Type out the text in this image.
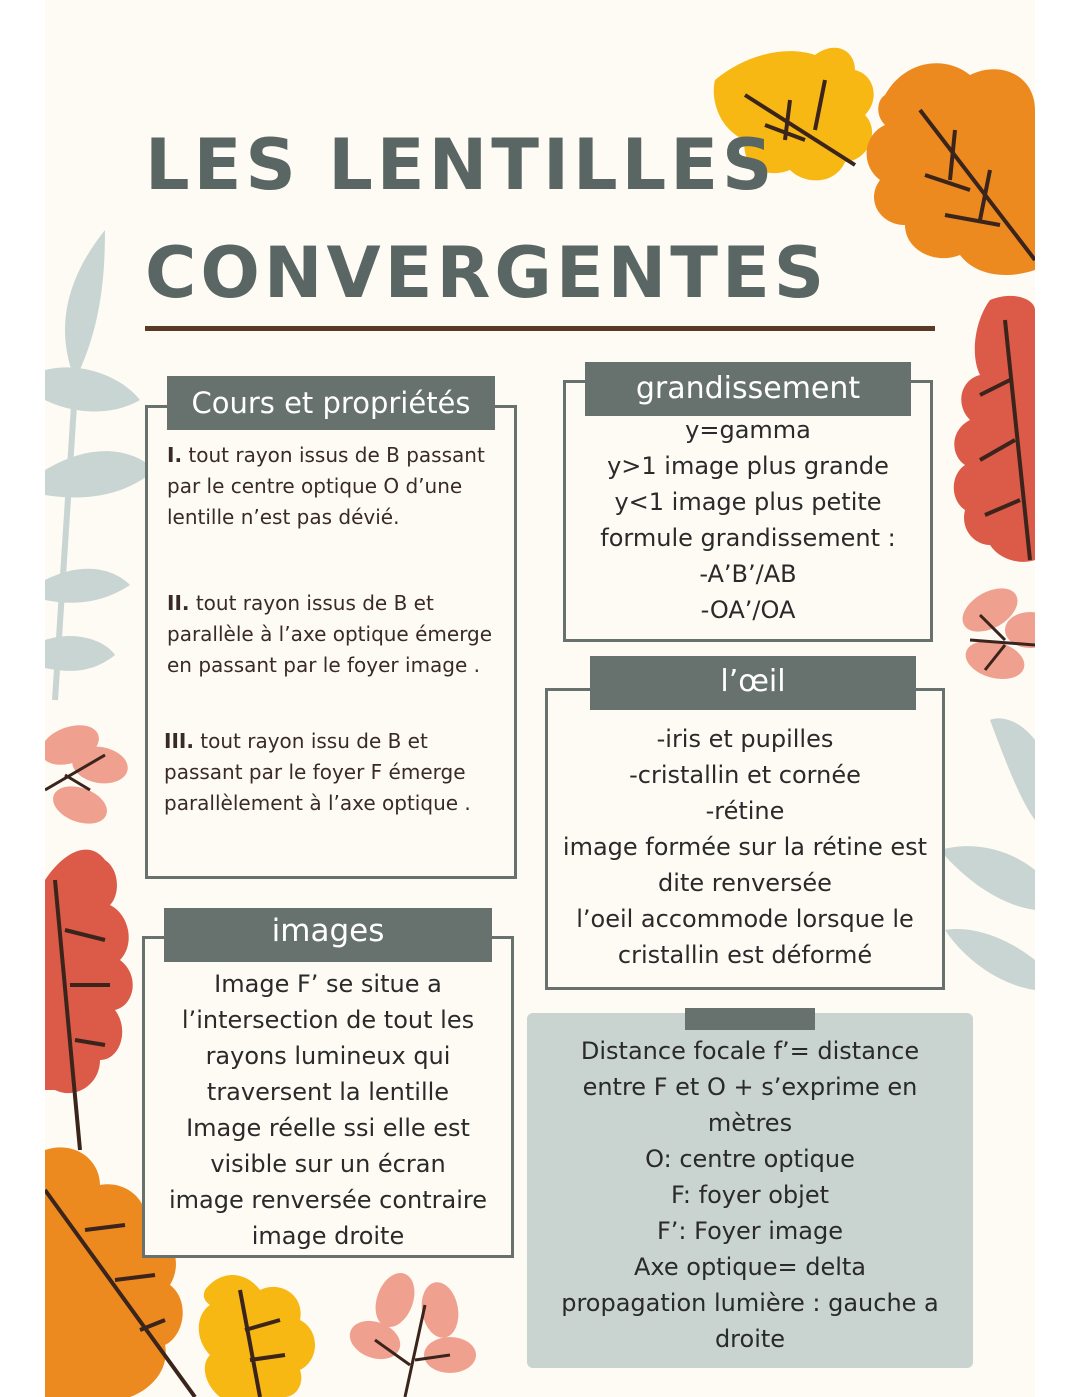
LES LENTILLES
CONVERGENTES
Cours et propriétés

I. tout rayon issus de B passant par le centre optique O d’une lentille n’est pas dévié.

II. tout rayon issus de B et parallèle à l’axe optique émerge en passant par le foyer image .

III. tout rayon issu de B et passant par le foyer F émerge parallèlement à l’axe optique .

grandissement
y=gamma
y>1 image plus grande
y<1 image plus petite
formule grandissement :
-A’B’/AB
-OA’/OA
l’œil
-iris et pupilles
-cristallin et cornée
-rétine
image formée sur la rétine est
dite renversée
l’oeil accommode lorsque le
cristallin est déformé
images
Image F’ se situe a
l’intersection de tout les
rayons lumineux qui
traversent la lentille
Image réelle ssi elle est
visible sur un écran
image renversée contraire
image droite
Distance focale f’= distance
entre F et O + s’exprime en
mètres
O: centre optique
F: foyer objet
F’: Foyer image
Axe optique= delta
propagation lumière : gauche a
droite
